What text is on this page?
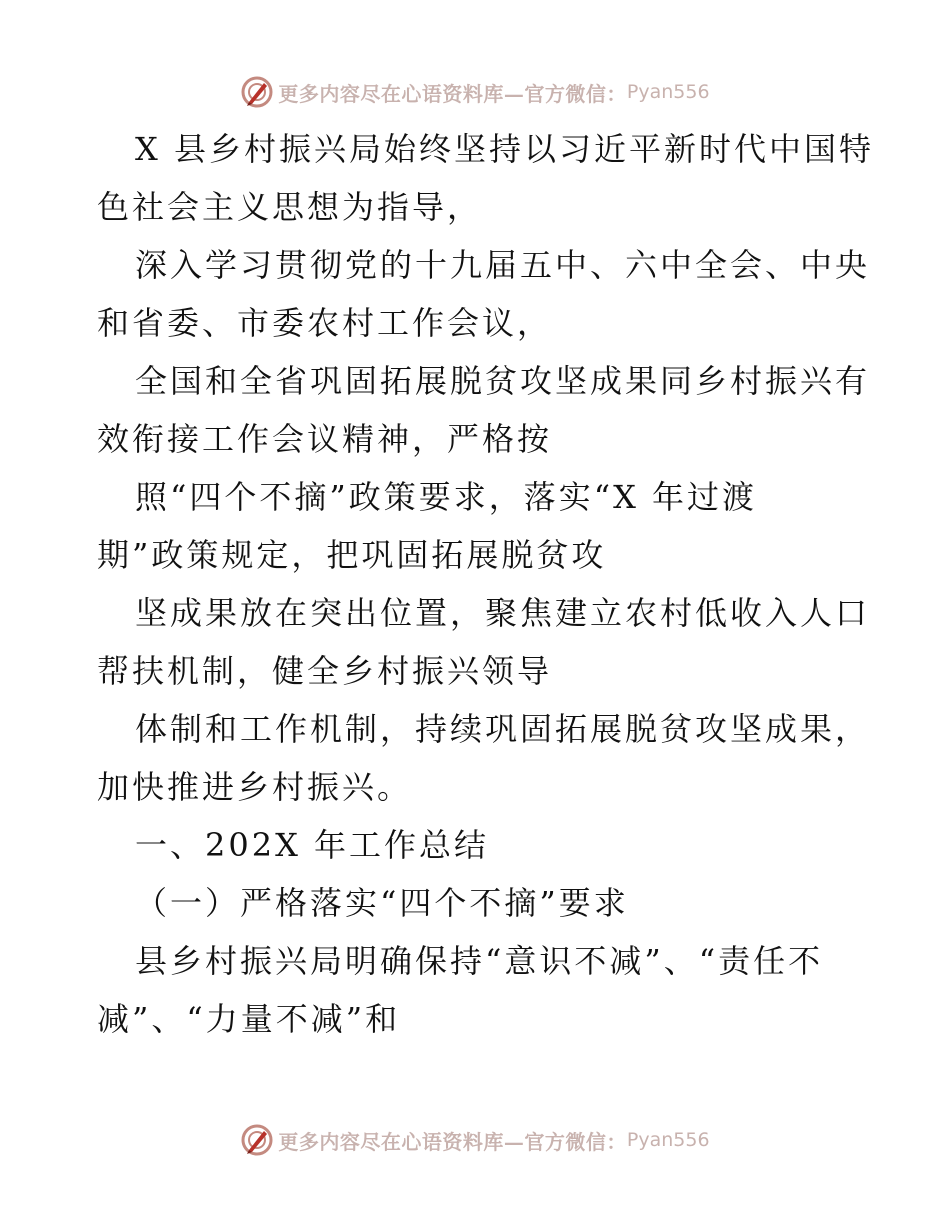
更多内容尽在心语资料库—官方微信： Pyan556
X 县乡村振兴局始终坚持以习近平新时代中国特
色社会主义思想为指导，
深入学习贯彻党的十九届五中、六中全会、中央
和省委、市委农村工作会议，
全国和全省巩固拓展脱贫攻坚成果同乡村振兴有
效衔接工作会议精神，严格按
照“四个不摘”政策要求，落实“X 年过渡
期”政策规定，把巩固拓展脱贫攻
坚成果放在突出位置，聚焦建立农村低收入人口
帮扶机制，健全乡村振兴领导
体制和工作机制，持续巩固拓展脱贫攻坚成果，
加快推进乡村振兴。
一、202X 年工作总结
（一）严格落实“四个不摘”要求
县乡村振兴局明确保持“意识不减”、“责任不
减”、“力量不减”和
更多内容尽在心语资料库—官方微信： Pyan556
